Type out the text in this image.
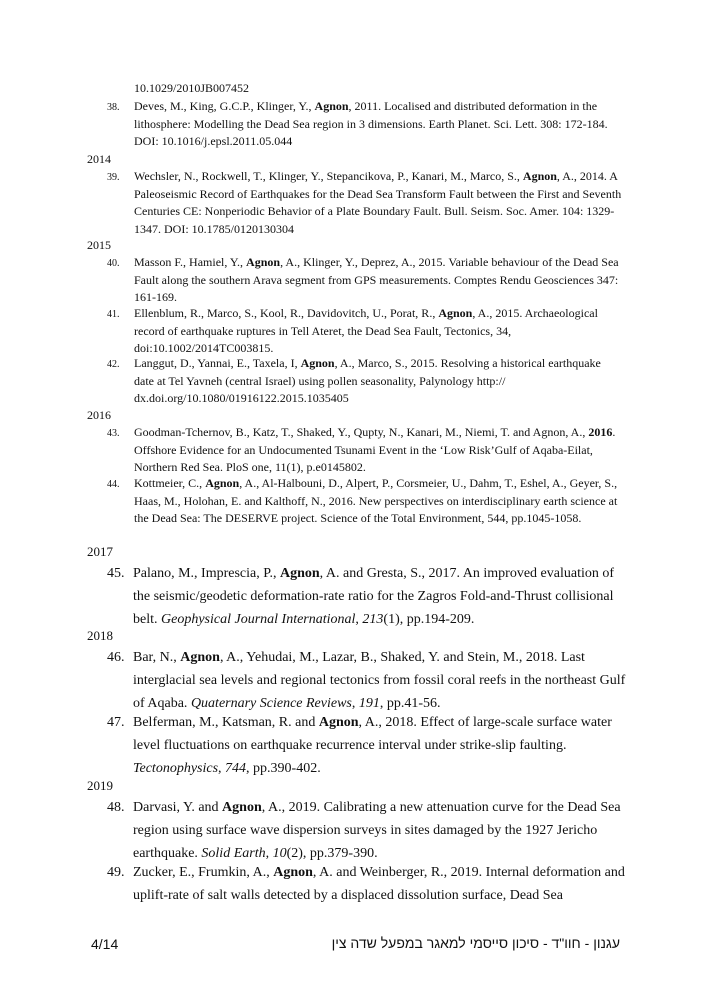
10.1029/2010JB007452
38. Deves, M., King, G.C.P., Klinger, Y., Agnon, 2011. Localised and distributed deformation in the lithosphere: Modelling the Dead Sea region in 3 dimensions. Earth Planet. Sci. Lett. 308: 172-184. DOI: 10.1016/j.epsl.2011.05.044
2014
39. Wechsler, N., Rockwell, T., Klinger, Y., Stepancikova, P., Kanari, M., Marco, S., Agnon, A., 2014. A Paleoseismic Record of Earthquakes for the Dead Sea Transform Fault between the First and Seventh Centuries CE: Nonperiodic Behavior of a Plate Boundary Fault. Bull. Seism. Soc. Amer. 104: 1329-1347. DOI: 10.1785/0120130304
2015
40. Masson F., Hamiel, Y., Agnon, A., Klinger, Y., Deprez, A., 2015. Variable behaviour of the Dead Sea Fault along the southern Arava segment from GPS measurements. Comptes Rendu Geosciences 347: 161-169.
41. Ellenblum, R., Marco, S., Kool, R., Davidovitch, U., Porat, R., Agnon, A., 2015. Archaeological record of earthquake ruptures in Tell Ateret, the Dead Sea Fault, Tectonics, 34, doi:10.1002/2014TC003815.
42. Langgut, D., Yannai, E., Taxela, I, Agnon, A., Marco, S., 2015. Resolving a historical earthquake date at Tel Yavneh (central Israel) using pollen seasonality, Palynology http:// dx.doi.org/10.1080/01916122.2015.1035405
2016
43. Goodman-Tchernov, B., Katz, T., Shaked, Y., Qupty, N., Kanari, M., Niemi, T. and Agnon, A., 2016. Offshore Evidence for an Undocumented Tsunami Event in the ‘Low Risk’Gulf of Aqaba-Eilat, Northern Red Sea. PloS one, 11(1), p.e0145802.
44. Kottmeier, C., Agnon, A., Al-Halbouni, D., Alpert, P., Corsmeier, U., Dahm, T., Eshel, A., Geyer, S., Haas, M., Holohan, E. and Kalthoff, N., 2016. New perspectives on interdisciplinary earth science at the Dead Sea: The DESERVE project. Science of the Total Environment, 544, pp.1045-1058.
2017
45. Palano, M., Imprescia, P., Agnon, A. and Gresta, S., 2017. An improved evaluation of the seismic/geodetic deformation-rate ratio for the Zagros Fold-and-Thrust collisional belt. Geophysical Journal International, 213(1), pp.194-209.
2018
46. Bar, N., Agnon, A., Yehudai, M., Lazar, B., Shaked, Y. and Stein, M., 2018. Last interglacial sea levels and regional tectonics from fossil coral reefs in the northeast Gulf of Aqaba. Quaternary Science Reviews, 191, pp.41-56.
47. Belferman, M., Katsman, R. and Agnon, A., 2018. Effect of large-scale surface water level fluctuations on earthquake recurrence interval under strike-slip faulting. Tectonophysics, 744, pp.390-402.
2019
48. Darvasi, Y. and Agnon, A., 2019. Calibrating a new attenuation curve for the Dead Sea region using surface wave dispersion surveys in sites damaged by the 1927 Jericho earthquake. Solid Earth, 10(2), pp.379-390.
49. Zucker, E., Frumkin, A., Agnon, A. and Weinberger, R., 2019. Internal deformation and uplift-rate of salt walls detected by a displaced dissolution surface, Dead Sea
4/14	עגנון - חוו"ד - סיכון סייסמי למאגר במפעל שדה צין
